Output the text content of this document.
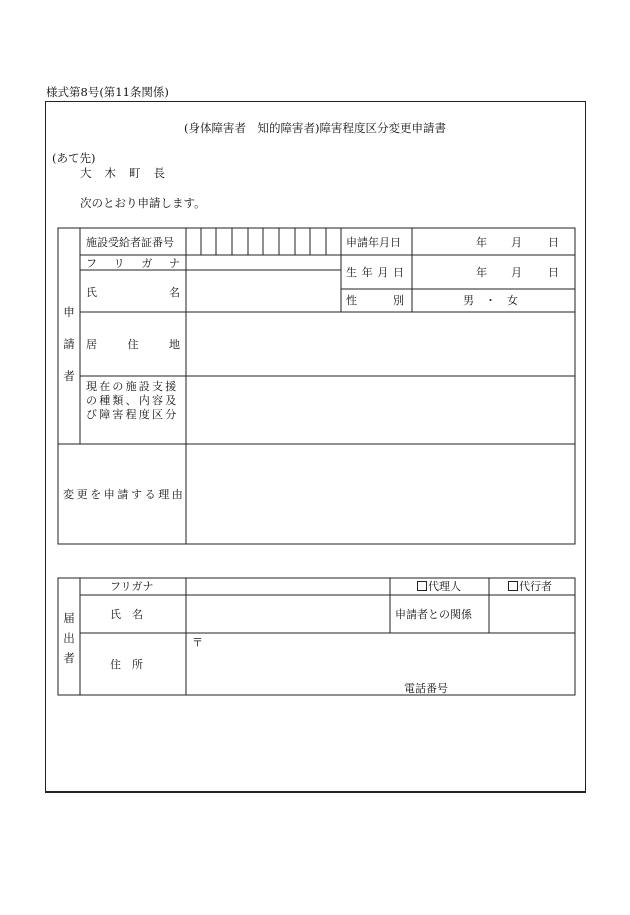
様式第8号(第11条関係)
(身体障害者　知的障害者)障害程度区分変更申請書
(あて先)
大木町長
次のとおり申請します。
申
請
者
施設受給者証番号	申請年月日	年 月 日
フ リ ガ ナ
生 年 月 日	年 月 日
氏	名
性	別	男　・　女
居	住	地
現在の施設支援の種類、内容及び障害程度区分
変更を申請する理由
届
出
者
フリガナ	代理人	代行者
氏　名	申請者との関係
住　所
〒
電話番号
